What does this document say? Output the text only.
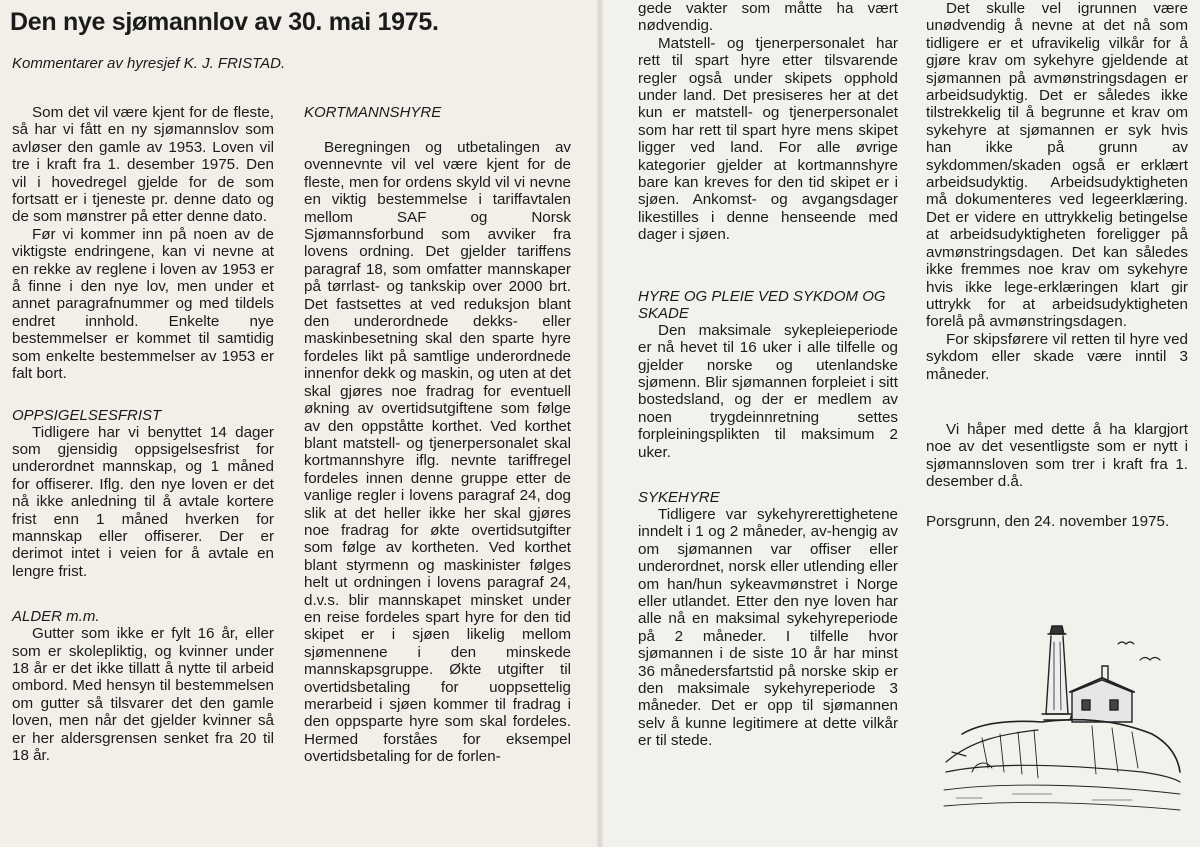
Den nye sjømannlov av 30. mai 1975.

Kommentarer av hyresjef K. J. FRISTAD.

Som det vil være kjent for de fleste, så har vi fått en ny sjømannslov som avløser den gamle av 1953. Loven vil tre i kraft fra 1. desember 1975. Den vil i hovedregel gjelde for de som fortsatt er i tjeneste pr. denne dato og de som mønstrer på etter denne dato.

Før vi kommer inn på noen av de viktigste endringene, kan vi nevne at en rekke av reglene i loven av 1953 er å finne i den nye lov, men under et annet paragrafnummer og med tildels endret innhold. Enkelte nye bestemmelser er kommet til samtidig som enkelte bestemmelser av 1953 er falt bort.

OPPSIGELSESFRIST

Tidligere har vi benyttet 14 dager som gjensidig oppsigelsesfrist for underordnet mannskap, og 1 måned for offiserer. Iflg. den nye loven er det nå ikke anledning til å avtale kortere frist enn 1 måned hverken for mannskap eller offiserer. Der er derimot intet i veien for å avtale en lengre frist.

ALDER m.m.

Gutter som ikke er fylt 16 år, eller som er skolepliktig, og kvinner under 18 år er det ikke tillatt å nytte til arbeid ombord. Med hensyn til bestemmelsen om gutter så tilsvarer det den gamle loven, men når det gjelder kvinner så er her aldersgrensen senket fra 20 til 18 år.

KORTMANNSHYRE

Beregningen og utbetalingen av ovennevnte vil vel være kjent for de fleste, men for ordens skyld vil vi nevne en viktig bestemmelse i tariffavtalen mellom SAF og Norsk Sjømannsforbund som avviker fra lovens ordning. Det gjelder tariffens paragraf 18, som omfatter mannskaper på tørrlast- og tankskip over 2000 brt. Det fastsettes at ved reduksjon blant den underordnede dekks- eller maskinbesetning skal den sparte hyre fordeles likt på samtlige underordnede innenfor dekk og maskin, og uten at det skal gjøres noe fradrag for eventuell økning av overtidsutgiftene som følge av den oppståtte korthet. Ved korthet blant matstell- og tjenerpersonalet skal kortmannshyre iflg. nevnte tariffregel fordeles innen denne gruppe etter de vanlige regler i lovens paragraf 24, dog slik at det heller ikke her skal gjøres noe fradrag for økte overtidsutgifter som følge av kortheten. Ved korthet blant styrmenn og maskinister følges helt ut ordningen i lovens paragraf 24, d.v.s. blir mannskapet minsket under en reise fordeles spart hyre for den tid skipet er i sjøen likelig mellom sjømennene i den minskede mannskapsgruppe. Økte utgifter til overtidsbetaling for uoppsettelig merarbeid i sjøen kommer til fradrag i den oppsparte hyre som skal fordeles. Hermed forståes for eksempel overtidsbetaling for de forlen-

gede vakter som måtte ha vært nødvendig.

Matstell- og tjenerpersonalet har rett til spart hyre etter tilsvarende regler også under skipets opphold under land. Det presiseres her at det kun er matstell- og tjenerpersonalet som har rett til spart hyre mens skipet ligger ved land. For alle øvrige kategorier gjelder at kortmannshyre bare kan kreves for den tid skipet er i sjøen. Ankomst- og avgangsdager likestilles i denne henseende med dager i sjøen.

HYRE OG PLEIE VED SYKDOM OG SKADE

Den maksimale sykepleieperiode er nå hevet til 16 uker i alle tilfelle og gjelder norske og utenlandske sjømenn. Blir sjømannen forpleiet i sitt bostedsland, og der er medlem av noen trygdeinnretning settes forpleiningsplikten til maksimum 2 uker.

SYKEHYRE

Tidligere var sykehyrerettighetene inndelt i 1 og 2 måneder, av-hengig av om sjømannen var offiser eller underordnet, norsk eller utlending eller om han/hun sykeavmønstret i Norge eller utlandet. Etter den nye loven har alle nå en maksimal sykehyreperiode på 2 måneder. I tilfelle hvor sjømannen i de siste 10 år har minst 36 månedersfartstid på norske skip er den maksimale sykehyreperiode 3 måneder. Det er opp til sjømannen selv å kunne legitimere at dette vilkår er til stede.

Det skulle vel igrunnen være unødvendig å nevne at det nå som tidligere er et ufravikelig vilkår for å gjøre krav om sykehyre gjeldende at sjømannen på avmønstringsdagen er arbeidsudyktig. Det er således ikke tilstrekkelig til å begrunne et krav om sykehyre at sjømannen er syk hvis han ikke på grunn av sykdommen/skaden også er erklært arbeidsudyktig. Arbeidsudyktigheten må dokumenteres ved legeerklæring. Det er videre en uttrykkelig betingelse at arbeidsudyktigheten foreligger på avmønstringsdagen. Det kan således ikke fremmes noe krav om sykehyre hvis ikke lege-erklæringen klart gir uttrykk for at arbeidsudyktigheten forelå på avmønstringsdagen.

For skipsførere vil retten til hyre ved sykdom eller skade være inntil 3 måneder.

Vi håper med dette å ha klargjort noe av det vesentligste som er nytt i sjømannsloven som trer i kraft fra 1. desember d.å.

Porsgrunn, den 24. november 1975.
